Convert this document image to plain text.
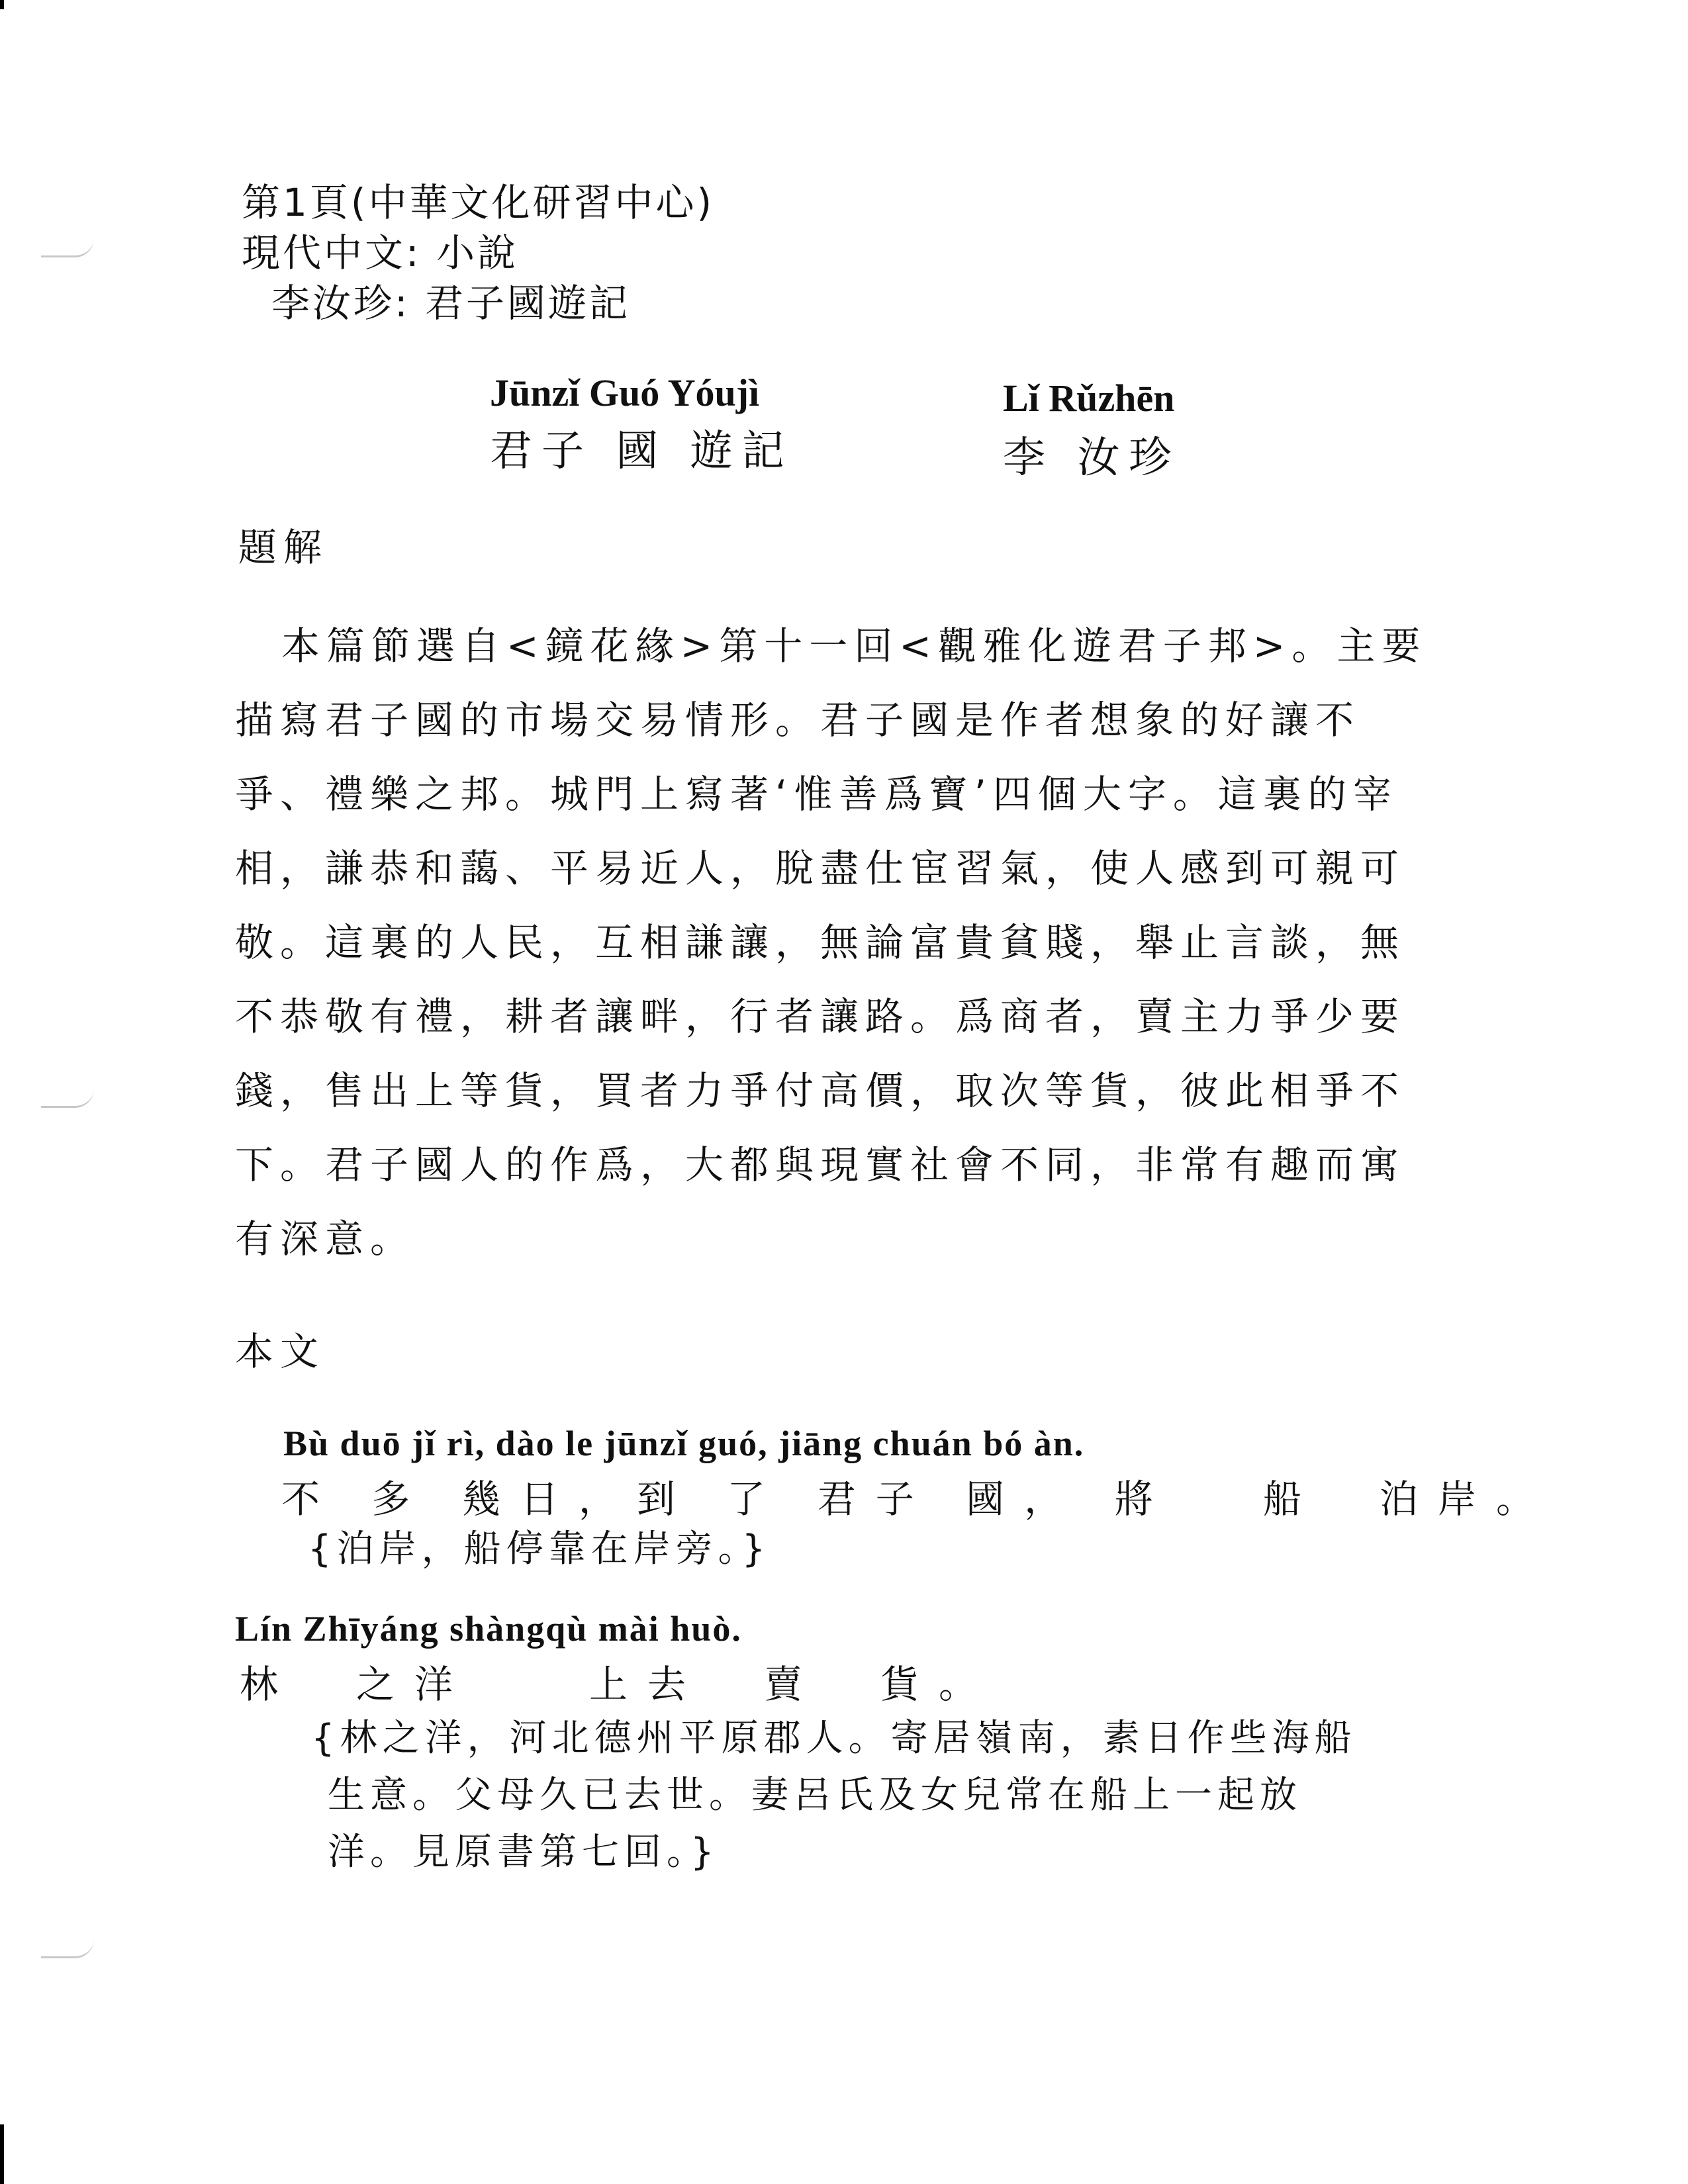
第1頁(中華文化研習中心)
現代中文: 小說
李汝珍: 君子國遊記
Jūnzǐ Guó Yóujì
君子 國 遊記
Lǐ Rǔzhēn
李 汝珍
題解
本篇節選自<鏡花緣>第十一回<觀雅化遊君子邦>。主要
描寫君子國的市場交易情形。君子國是作者想象的好讓不
爭、禮樂之邦。城門上寫著‘惟善爲寶’四個大字。這裏的宰
相，謙恭和藹、平易近人，脫盡仕宦習氣，使人感到可親可
敬。這裏的人民，互相謙讓，無論富貴貧賤，舉止言談，無
不恭敬有禮，耕者讓畔，行者讓路。爲商者，賣主力爭少要
錢，售出上等貨，買者力爭付高價，取次等貨，彼此相爭不
下。君子國人的作爲，大都與現實社會不同，非常有趣而寓
有深意。
本文
Bù duō jǐ rì, dào le jūnzǐ guó, jiāng chuán bó àn.
不 多 幾日，到 了 君子 國， 將　 船　泊岸。
{泊岸，船停靠在岸旁。}
Lín Zhīyáng shàngqù mài huò.
林　之洋　　上去　賣　貨。
{林之洋，河北德州平原郡人。寄居嶺南，素日作些海船
生意。父母久已去世。妻呂氏及女兒常在船上一起放
洋。見原書第七回。}
